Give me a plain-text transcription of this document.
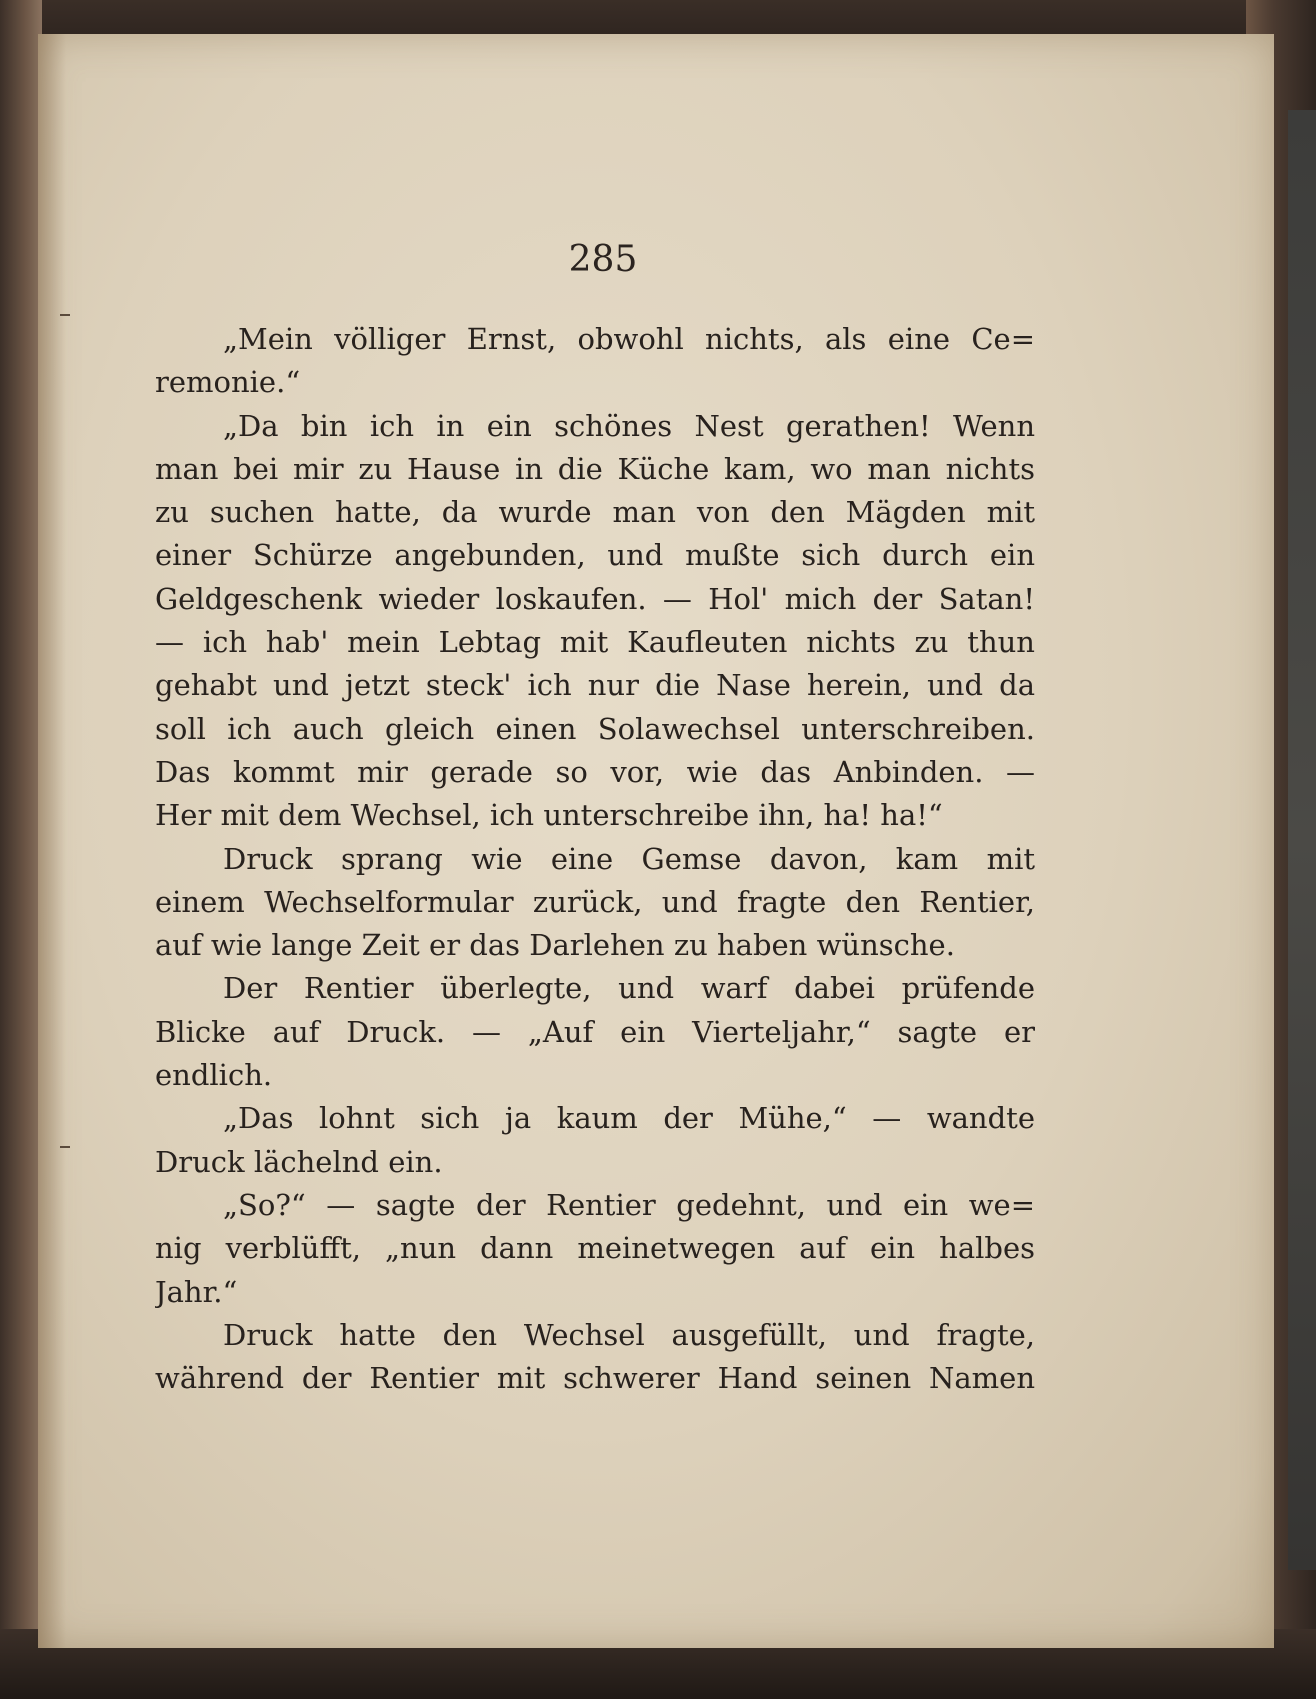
285
„Mein völliger Ernst, obwohl nichts, als eine Ce=
remonie.“
„Da bin ich in ein schönes Nest gerathen! Wenn
man bei mir zu Hause in die Küche kam, wo man nichts
zu suchen hatte, da wurde man von den Mägden mit
einer Schürze angebunden, und mußte sich durch ein
Geldgeschenk wieder loskaufen. — Hol' mich der Satan!
— ich hab' mein Lebtag mit Kaufleuten nichts zu thun
gehabt und jetzt steck' ich nur die Nase herein, und da
soll ich auch gleich einen Solawechsel unterschreiben.
Das kommt mir gerade so vor, wie das Anbinden. —
Her mit dem Wechsel, ich unterschreibe ihn, ha! ha!“
Druck sprang wie eine Gemse davon, kam mit
einem Wechselformular zurück, und fragte den Rentier,
auf wie lange Zeit er das Darlehen zu haben wünsche.
Der Rentier überlegte, und warf dabei prüfende
Blicke auf Druck. — „Auf ein Vierteljahr,“ sagte er
endlich.
„Das lohnt sich ja kaum der Mühe,“ — wandte
Druck lächelnd ein.
„So?“ — sagte der Rentier gedehnt, und ein we=
nig verblüfft, „nun dann meinetwegen auf ein halbes
Jahr.“
Druck hatte den Wechsel ausgefüllt, und fragte,
während der Rentier mit schwerer Hand seinen Namen
